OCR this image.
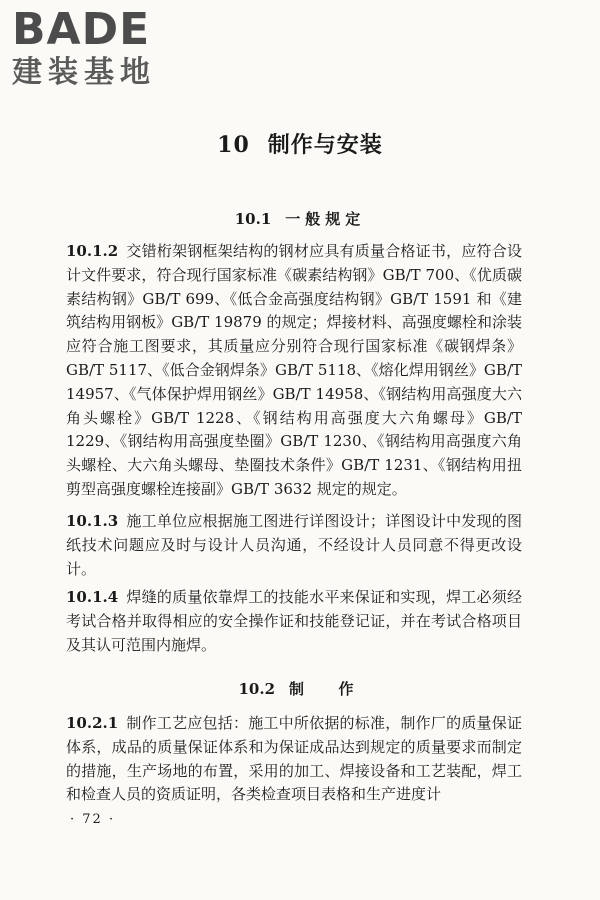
BADE
建装基地
10 制作与安装
10.1 一般规定

10.1.2 交错桁架钢框架结构的钢材应具有质量合格证书，应符合设计文件要求，符合现行国家标准《碳素结构钢》GB/T 700、《优质碳素结构钢》GB/T 699、《低合金高强度结构钢》GB/T 1591 和《建筑结构用钢板》GB/T 19879 的规定；焊接材料、高强度螺栓和涂装应符合施工图要求，其质量应分别符合现行国家标准《碳钢焊条》GB/T 5117、《低合金钢焊条》GB/T 5118、《熔化焊用钢丝》GB/T 14957、《气体保护焊用钢丝》GB/T 14958、《钢结构用高强度大六角头螺栓》GB/T 1228、《钢结构用高强度大六角螺母》GB/T 1229、《钢结构用高强度垫圈》GB/T 1230、《钢结构用高强度六角头螺栓、大六角头螺母、垫圈技术条件》GB/T 1231、《钢结构用扭剪型高强度螺栓连接副》GB/T 3632 规定的规定。

10.1.3 施工单位应根据施工图进行详图设计；详图设计中发现的图纸技术问题应及时与设计人员沟通，不经设计人员同意不得更改设计。

10.1.4 焊缝的质量依靠焊工的技能水平来保证和实现，焊工必须经考试合格并取得相应的安全操作证和技能登记证，并在考试合格项目及其认可范围内施焊。

10.2 制  作

10.2.1 制作工艺应包括：施工中所依据的标准，制作厂的质量保证体系，成品的质量保证体系和为保证成品达到规定的质量要求而制定的措施，生产场地的布置，采用的加工、焊接设备和工艺装配，焊工和检查人员的资质证明，各类检查项目表格和生产进度计

· 72 ·
